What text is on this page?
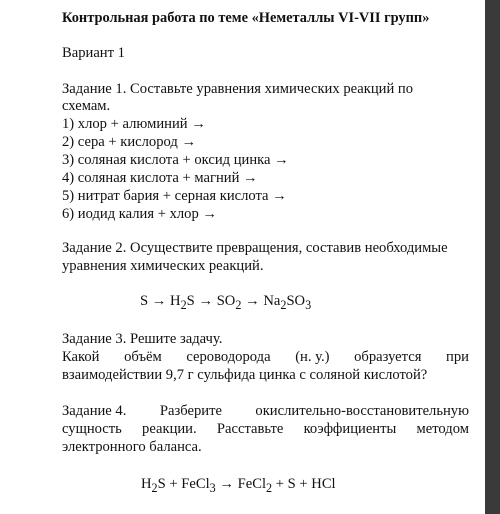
Контрольная работа по теме «Неметаллы VI-VII групп»
Вариант 1
Задание 1. Составьте уравнения химических реакций по
схемам.
1) хлор + алюминий →
2) сера + кислород →
3) соляная кислота + оксид цинка →
4) соляная кислота + магний →
5) нитрат бария + серная кислота →
6) иодид калия + хлор →
Задание 2. Осуществите превращения, составив необходимые
уравнения химических реакций.
$S \to H_2S \to SO_2 \to Na_2SO_3$
Задание 3. Решите задачу.
Какой объём сероводорода (н. у.) образуется при
взаимодействии 9,7 г сульфида цинка с соляной кислотой?
Задание 4. Разберите окислительно-восстановительную
сущность реакции. Расставьте коэффициенты методом
электронного баланса.
$H_2S$ + FeCl$_3$ → FeCl$_2$ + S + HCl
